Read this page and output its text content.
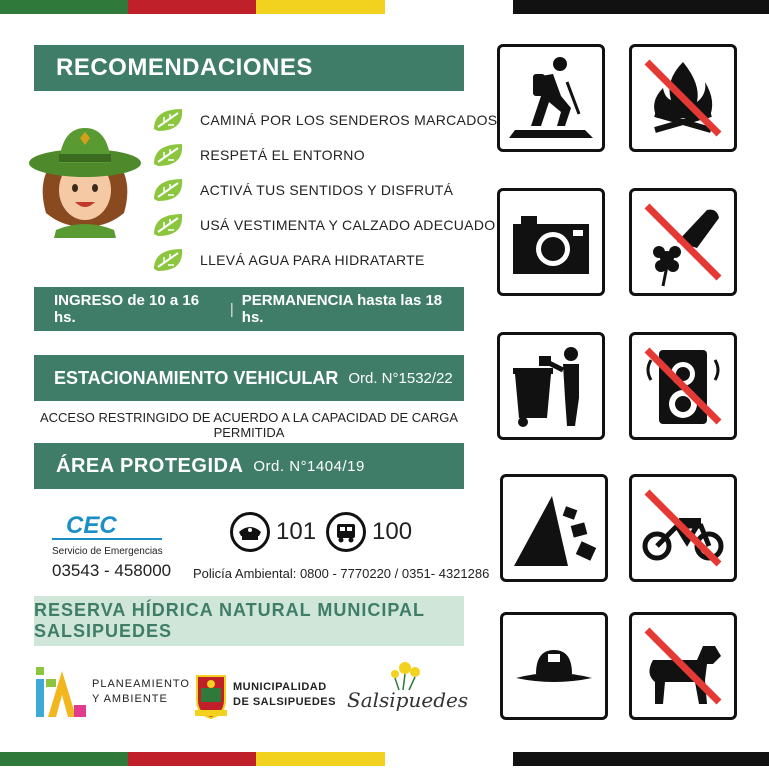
RECOMENDACIONES
CAMINÁ POR LOS SENDEROS MARCADOS
RESPETÁ EL ENTORNO
ACTIVÁ TUS SENTIDOS Y DISFRUTÁ
USÁ VESTIMENTA Y CALZADO ADECUADO
LLEVÁ AGUA PARA HIDRATARTE
INGRESO de 10 a 16 hs.	| PERMANENCIA hasta las 18 hs.
ESTACIONAMIENTO VEHICULAR Ord. N°1532/22
ACCESO RESTRINGIDO DE ACUERDO A LA CAPACIDAD DE CARGA PERMITIDA
ÁREA PROTEGIDA Ord. N°1404/19
CEC
Servicio de Emergencias
03543 - 458000
101 100
Policía Ambiental: 0800 - 7770220 / 0351- 4321286
RESERVA HÍDRICA NATURAL MUNICIPAL SALSIPUEDES
PLANEAMIENTO
Y AMBIENTE
MUNICIPALIDAD
DE SALSIPUEDES Salsipuedes
